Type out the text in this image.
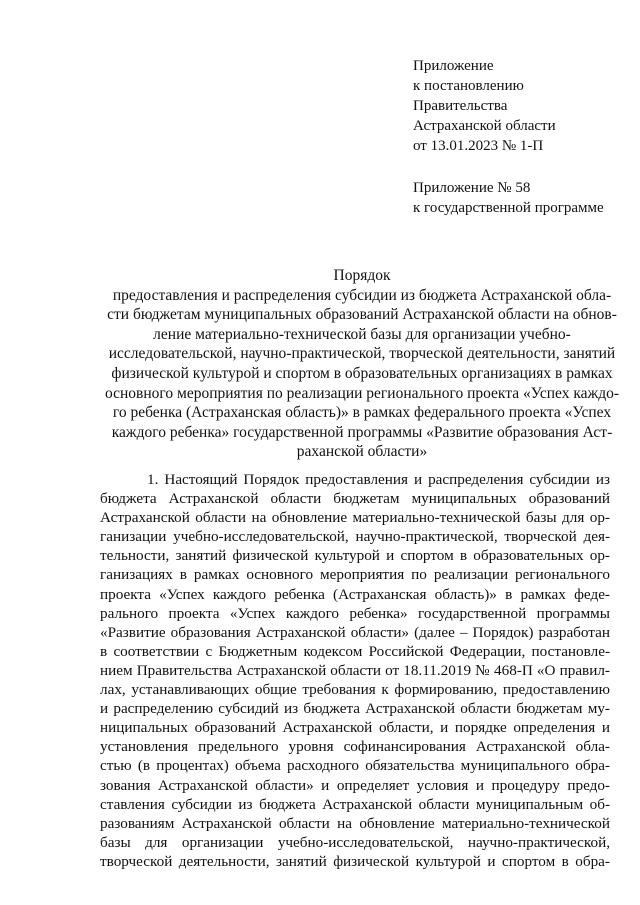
Приложение
к постановлению
Правительства
Астраханской области
от 13.01.2023 № 1-П
Приложение № 58
к государственной программе
Порядок
предоставления и распределения субсидии из бюджета Астраханской обла-
сти бюджетам муниципальных образований Астраханской области на обнов-
ление материально-технической базы для организации учебно-
исследовательской, научно-практической, творческой деятельности, занятий
физической культурой и спортом в образовательных организациях в рамках
основного мероприятия по реализации регионального проекта «Успех каждо-
го ребенка (Астраханская область)» в рамках федерального проекта «Успех
каждого ребенка» государственной программы «Развитие образования Аст-
раханской области»
1. Настоящий Порядок предоставления и распределения субсидии из
бюджета Астраханской области бюджетам муниципальных образований
Астраханской области на обновление материально-технической базы для ор-
ганизации учебно-исследовательской, научно-практической, творческой дея-
тельности, занятий физической культурой и спортом в образовательных ор-
ганизациях в рамках основного мероприятия по реализации регионального
проекта «Успех каждого ребенка (Астраханская область)» в рамках феде-
рального проекта «Успех каждого ребенка» государственной программы
«Развитие образования Астраханской области» (далее – Порядок) разработан
в соответствии с Бюджетным кодексом Российской Федерации, постановле-
нием Правительства Астраханской области от 18.11.2019 № 468-П «О правил-
лах, устанавливающих общие требования к формированию, предоставлению
и распределению субсидий из бюджета Астраханской области бюджетам му-
ниципальных образований Астраханской области, и порядке определения и
установления предельного уровня софинансирования Астраханской обла-
стью (в процентах) объема расходного обязательства муниципального обра-
зования Астраханской области» и определяет условия и процедуру предо-
ставления субсидии из бюджета Астраханской области муниципальным об-
разованиям Астраханской области на обновление материально-технической
базы для организации учебно-исследовательской, научно-практической,
творческой деятельности, занятий физической культурой и спортом в обра-
